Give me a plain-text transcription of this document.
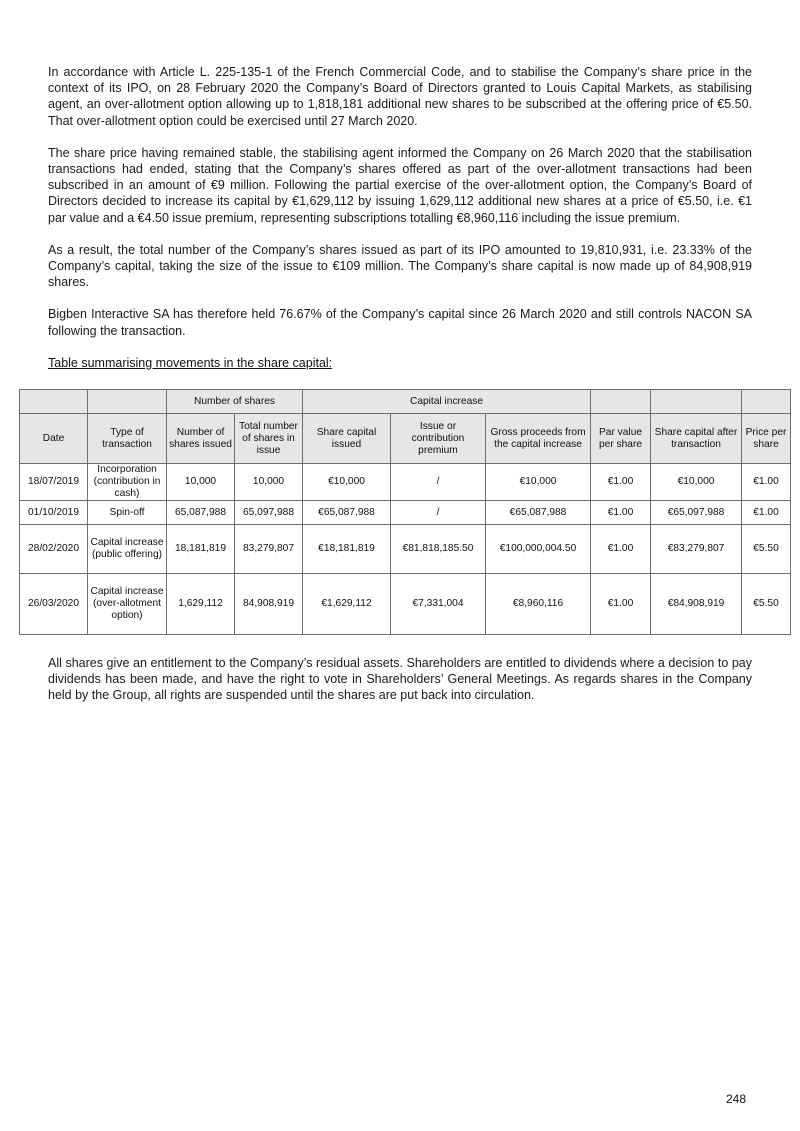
In accordance with Article L. 225-135-1 of the French Commercial Code, and to stabilise the Company’s share price in the context of its IPO, on 28 February 2020 the Company’s Board of Directors granted to Louis Capital Markets, as stabilising agent, an over-allotment option allowing up to 1,818,181 additional new shares to be subscribed at the offering price of €5.50. That over-allotment option could be exercised until 27 March 2020.

The share price having remained stable, the stabilising agent informed the Company on 26 March 2020 that the stabilisation transactions had ended, stating that the Company’s shares offered as part of the over-allotment transactions had been subscribed in an amount of €9 million. Following the partial exercise of the over-allotment option, the Company’s Board of Directors decided to increase its capital by €1,629,112 by issuing 1,629,112 additional new shares at a price of €5.50, i.e. €1 par value and a €4.50 issue premium, representing subscriptions totalling €8,960,116 including the issue premium.

As a result, the total number of the Company’s shares issued as part of its IPO amounted to 19,810,931, i.e. 23.33% of the Company’s capital, taking the size of the issue to €109 million. The Company’s share capital is now made up of 84,908,919 shares.

Bigben Interactive SA has therefore held 76.67% of the Company’s capital since 26 March 2020 and still controls NACON SA following the transaction.

Table summarising movements in the share capital:
		Number of shares		Capital increase					
Date	Type of transaction	Number of shares issued	Total number of shares in issue	Share capital issued	Issue or contribution premium	Gross proceeds from the capital increase	Par value per share	Share capital after transaction	Price per share
18/07/2019	Incorporation (contribution in cash)	10,000	10,000	€10,000	/	€10,000	€1.00	€10,000	€1.00
01/10/2019	Spin-off	65,087,988	65,097,988	€65,087,988	/	€65,087,988	€1.00	€65,097,988	€1.00
28/02/2020	Capital increase (public offering)	18,181,819	83,279,807	€18,181,819	€81,818,185.50	€100,000,004.50	€1.00	€83,279,807	€5.50
26/03/2020	Capital increase (over-allotment option)	1,629,112	84,908,919	€1,629,112	€7,331,004	€8,960,116	€1.00	€84,908,919	€5.50

All shares give an entitlement to the Company’s residual assets. Shareholders are entitled to dividends where a decision to pay dividends has been made, and have the right to vote in Shareholders’ General Meetings. As regards shares in the Company held by the Group, all rights are suspended until the shares are put back into circulation.

248
